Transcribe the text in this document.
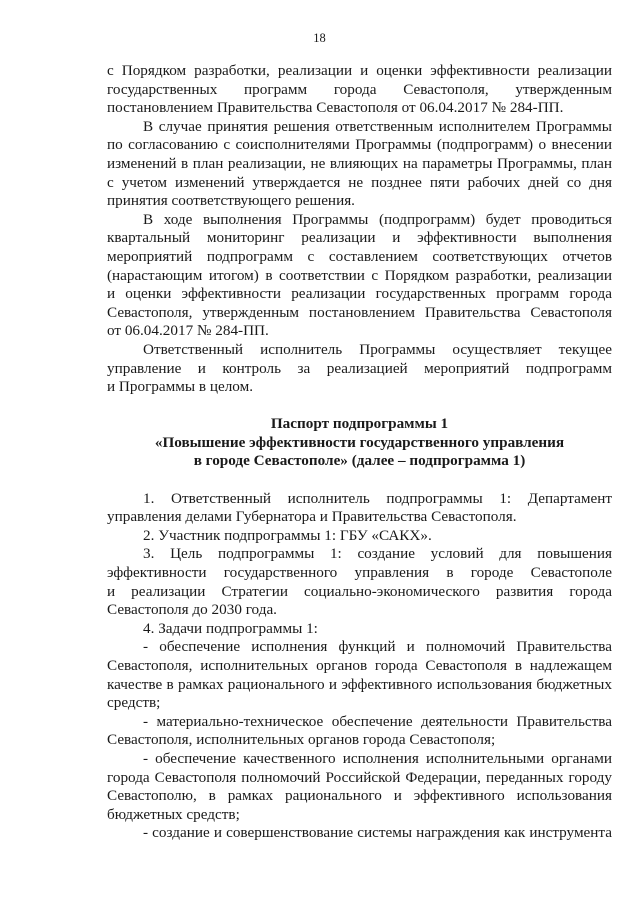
18
с Порядком разработки, реализации и оценки эффективности реализации
государственных программ города Севастополя, утвержденным
постановлением Правительства Севастополя от 06.04.2017 № 284-ПП.
В случае принятия решения ответственным исполнителем Программы
по согласованию с соисполнителями Программы (подпрограмм) о внесении
изменений в план реализации, не влияющих на параметры Программы, план
с учетом изменений утверждается не позднее пяти рабочих дней со дня
принятия соответствующего решения.
В ходе выполнения Программы (подпрограмм) будет проводиться
квартальный мониторинг реализации и эффективности выполнения
мероприятий подпрограмм с составлением соответствующих отчетов
(нарастающим итогом) в соответствии с Порядком разработки, реализации
и оценки эффективности реализации государственных программ города
Севастополя, утвержденным постановлением Правительства Севастополя
от 06.04.2017 № 284-ПП.
Ответственный исполнитель Программы осуществляет текущее
управление и контроль за реализацией мероприятий подпрограмм
и Программы в целом.
Паспорт подпрограммы 1
«Повышение эффективности государственного управления
в городе Севастополе» (далее – подпрограмма 1)
1. Ответственный исполнитель подпрограммы 1: Департамент
управления делами Губернатора и Правительства Севастополя.
2. Участник подпрограммы 1: ГБУ «САКХ».
3. Цель подпрограммы 1: создание условий для повышения
эффективности государственного управления в городе Севастополе
и реализации Стратегии социально-экономического развития города
Севастополя до 2030 года.
4. Задачи подпрограммы 1:
- обеспечение исполнения функций и полномочий Правительства
Севастополя, исполнительных органов города Севастополя в надлежащем
качестве в рамках рационального и эффективного использования бюджетных
средств;
- материально-техническое обеспечение деятельности Правительства
Севастополя, исполнительных органов города Севастополя;
- обеспечение качественного исполнения исполнительными органами
города Севастополя полномочий Российской Федерации, переданных городу
Севастополю, в рамках рационального и эффективного использования
бюджетных средств;
- создание и совершенствование системы награждения как инструмента
